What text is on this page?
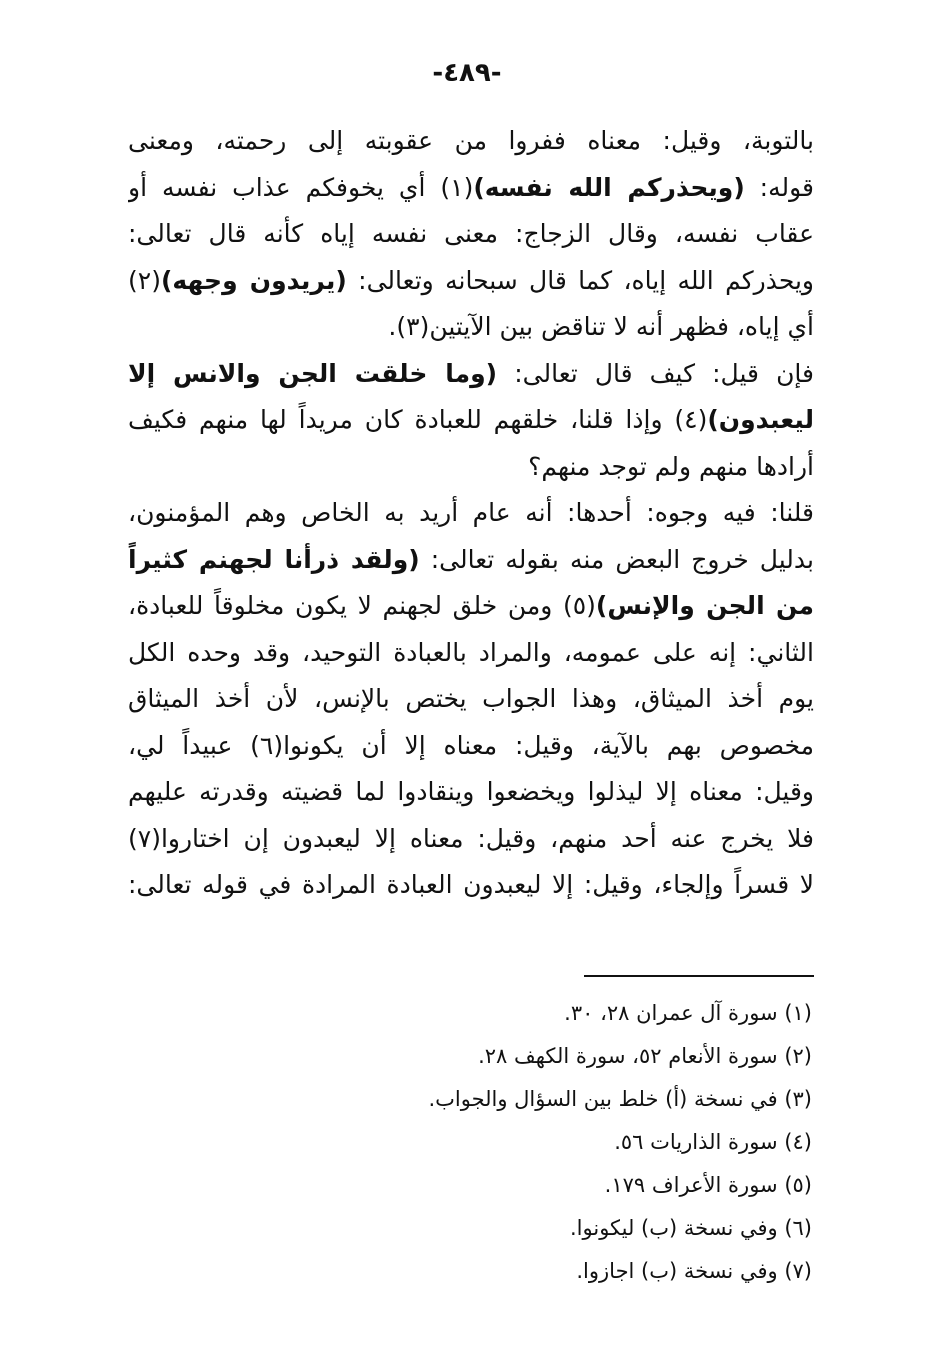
-٤٨٩-
بالتوبة، وقيل: معناه ففروا من عقوبته إلى رحمته، ومعنى
قوله: (ويحذركم الله نفسه)(١) أي يخوفكم عذاب نفسه أو
عقاب نفسه، وقال الزجاج: معنى نفسه إياه كأنه قال تعالى:
ويحذركم الله إياه، كما قال سبحانه وتعالى: (يريدون وجهه)(٢)
أي إياه، فظهر أنه لا تناقض بين الآيتين(٣).
فإن قيل: كيف قال تعالى: (وما خلقت الجن والانس إلا
ليعبدون)(٤) وإذا قلنا، خلقهم للعبادة كان مريداً لها منهم فكيف
أرادها منهم ولم توجد منهم؟
قلنا: فيه وجوه: أحدها: أنه عام أريد به الخاص وهم المؤمنون،
بدليل خروج البعض منه بقوله تعالى: (ولقد ذرأنا لجهنم كثيراً
من الجن والإنس)(٥) ومن خلق لجهنم لا يكون مخلوقاً للعبادة،
الثاني: إنه على عمومه، والمراد بالعبادة التوحيد، وقد وحده الكل
يوم أخذ الميثاق، وهذا الجواب يختص بالإنس، لأن أخذ الميثاق
مخصوص بهم بالآية، وقيل: معناه إلا أن يكونوا(٦) عبيداً لي،
وقيل: معناه إلا ليذلوا ويخضعوا وينقادوا لما قضيته وقدرته عليهم
فلا يخرج عنه أحد منهم، وقيل: معناه إلا ليعبدون إن اختاروا(٧)
لا قسراً وإلجاء، وقيل: إلا ليعبدون العبادة المرادة في قوله تعالى:
(١) سورة آل عمران ٢٨، ٣٠.
(٢) سورة الأنعام ٥٢، سورة الكهف ٢٨.
(٣) في نسخة (أ) خلط بين السؤال والجواب.
(٤) سورة الذاريات ٥٦.
(٥) سورة الأعراف ١٧٩.
(٦) وفي نسخة (ب) ليكونوا.
(٧) وفي نسخة (ب) اجازوا.
